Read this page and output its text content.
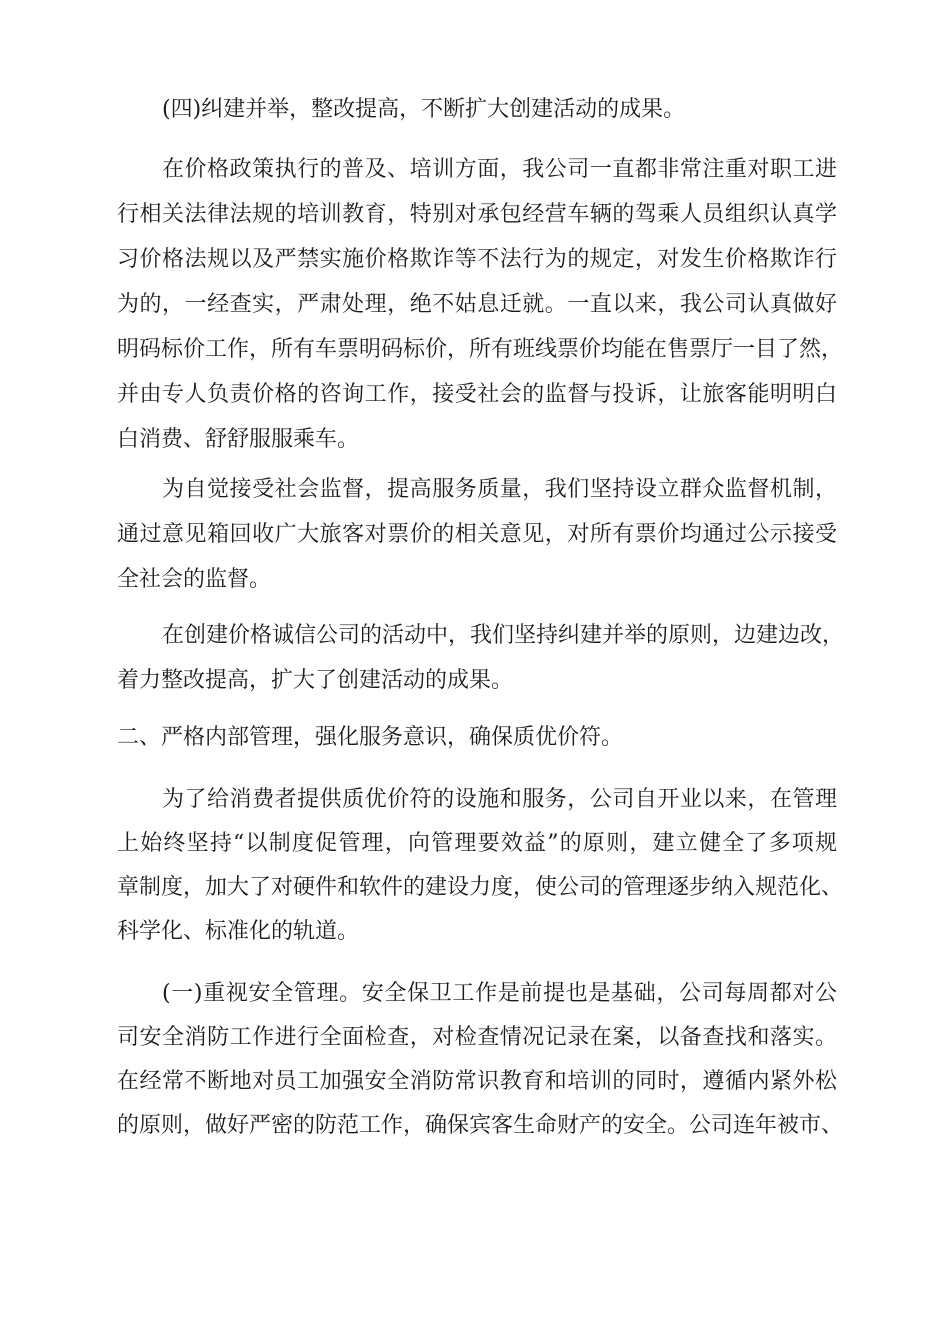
(四)纠建并举，整改提高，不断扩大创建活动的成果。
在价格政策执行的普及、培训方面，我公司一直都非常注重对职工进
行相关法律法规的培训教育，特别对承包经营车辆的驾乘人员组织认真学
习价格法规以及严禁实施价格欺诈等不法行为的规定，对发生价格欺诈行
为的，一经查实，严肃处理，绝不姑息迁就。一直以来，我公司认真做好
明码标价工作，所有车票明码标价，所有班线票价均能在售票厅一目了然，
并由专人负责价格的咨询工作，接受社会的监督与投诉，让旅客能明明白
白消费、舒舒服服乘车。
为自觉接受社会监督，提高服务质量，我们坚持设立群众监督机制，
通过意见箱回收广大旅客对票价的相关意见，对所有票价均通过公示接受
全社会的监督。
在创建价格诚信公司的活动中，我们坚持纠建并举的原则，边建边改，
着力整改提高，扩大了创建活动的成果。
二、严格内部管理，强化服务意识，确保质优价符。
为了给消费者提供质优价符的设施和服务，公司自开业以来，在管理
上始终坚持“以制度促管理，向管理要效益”的原则，建立健全了多项规
章制度，加大了对硬件和软件的建设力度，使公司的管理逐步纳入规范化、
科学化、标准化的轨道。
(一)重视安全管理。安全保卫工作是前提也是基础，公司每周都对公
司安全消防工作进行全面检查，对检查情况记录在案，以备查找和落实。
在经常不断地对员工加强安全消防常识教育和培训的同时，遵循内紧外松
的原则，做好严密的防范工作，确保宾客生命财产的安全。公司连年被市、
